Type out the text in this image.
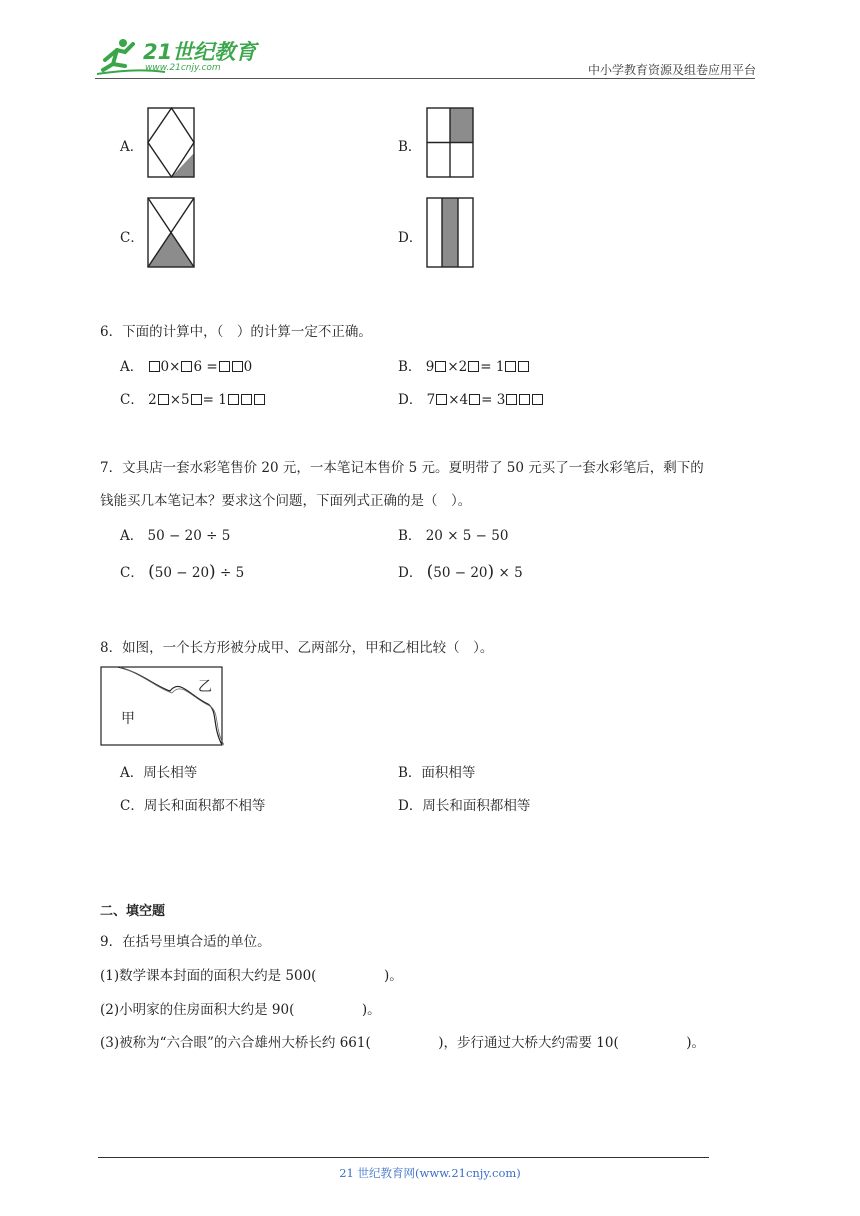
21世纪教育
www.21cnjy.com	中小学教育资源及组卷应用平台
A．	B．
C．	D．
6．下面的计算中，（　）的计算一定不正确。
A． 0× 6 = 0	B． 9 ×2 = 1
C． 2 ×5 = 1	D． 7 ×4 = 3
7．文具店一套水彩笔售价 20 元，一本笔记本售价 5 元。夏明带了 50 元买了一套水彩笔后，剩下的
钱能买几本笔记本？要求这个问题，下面列式正确的是（　）。
A． 50 − 20 ÷ 5	B． 20 × 5 − 50
C． (50 − 20) ÷ 5	D． (50 − 20) × 5
8．如图，一个长方形被分成甲、乙两部分，甲和乙相比较（　）。
乙
甲
A．周长相等	B．面积相等
C．周长和面积都不相等	D．周长和面积都相等
二、填空题
9．在括号里填合适的单位。
(1)数学课本封面的面积大约是 500(　　　　　)。
(2)小明家的住房面积大约是 90(　　　　　)。
(3)被称为“六合眼”的六合雄州大桥长约 661(　　　　　)，步行通过大桥大约需要 10(　　　　　)。
21 世纪教育网(www.21cnjy.com)
